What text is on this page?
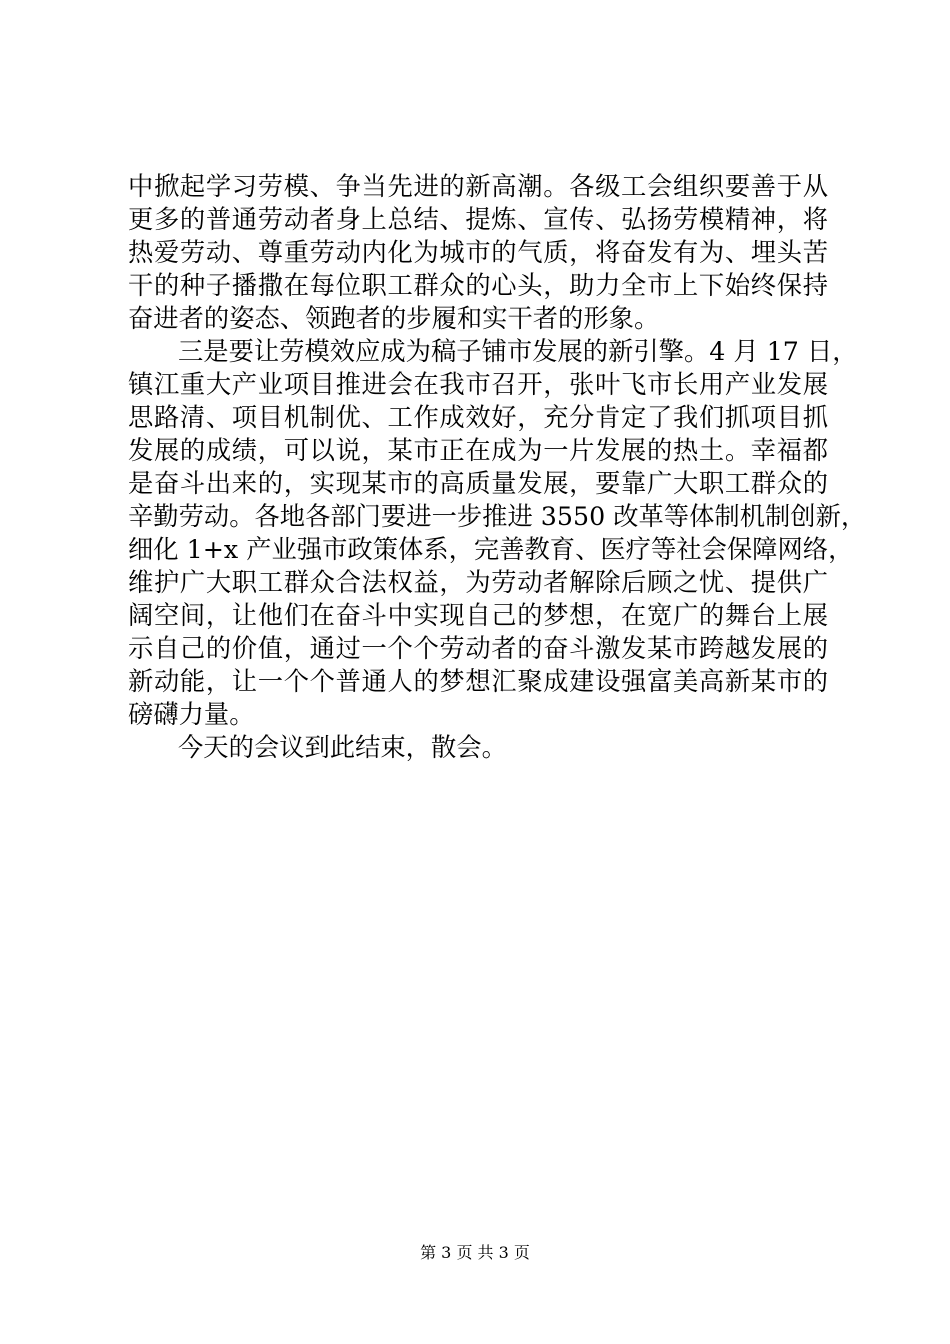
中掀起学习劳模、争当先进的新高潮。各级工会组织要善于从
更多的普通劳动者身上总结、提炼、宣传、弘扬劳模精神，将
热爱劳动、尊重劳动内化为城市的气质，将奋发有为、埋头苦
干的种子播撒在每位职工群众的心头，助力全市上下始终保持
奋进者的姿态、领跑者的步履和实干者的形象。

三是要让劳模效应成为稿子铺市发展的新引擎。4 月 17 日，
镇江重大产业项目推进会在我市召开，张叶飞市长用产业发展
思路清、项目机制优、工作成效好，充分肯定了我们抓项目抓
发展的成绩，可以说，某市正在成为一片发展的热土。幸福都
是奋斗出来的，实现某市的高质量发展，要靠广大职工群众的
辛勤劳动。各地各部门要进一步推进 3550 改革等体制机制创新，
细化 1+x 产业强市政策体系，完善教育、医疗等社会保障网络，
维护广大职工群众合法权益，为劳动者解除后顾之忧、提供广
阔空间，让他们在奋斗中实现自己的梦想，在宽广的舞台上展
示自己的价值，通过一个个劳动者的奋斗激发某市跨越发展的
新动能，让一个个普通人的梦想汇聚成建设强富美高新某市的
磅礴力量。

今天的会议到此结束，散会。

第 3 页 共 3 页
